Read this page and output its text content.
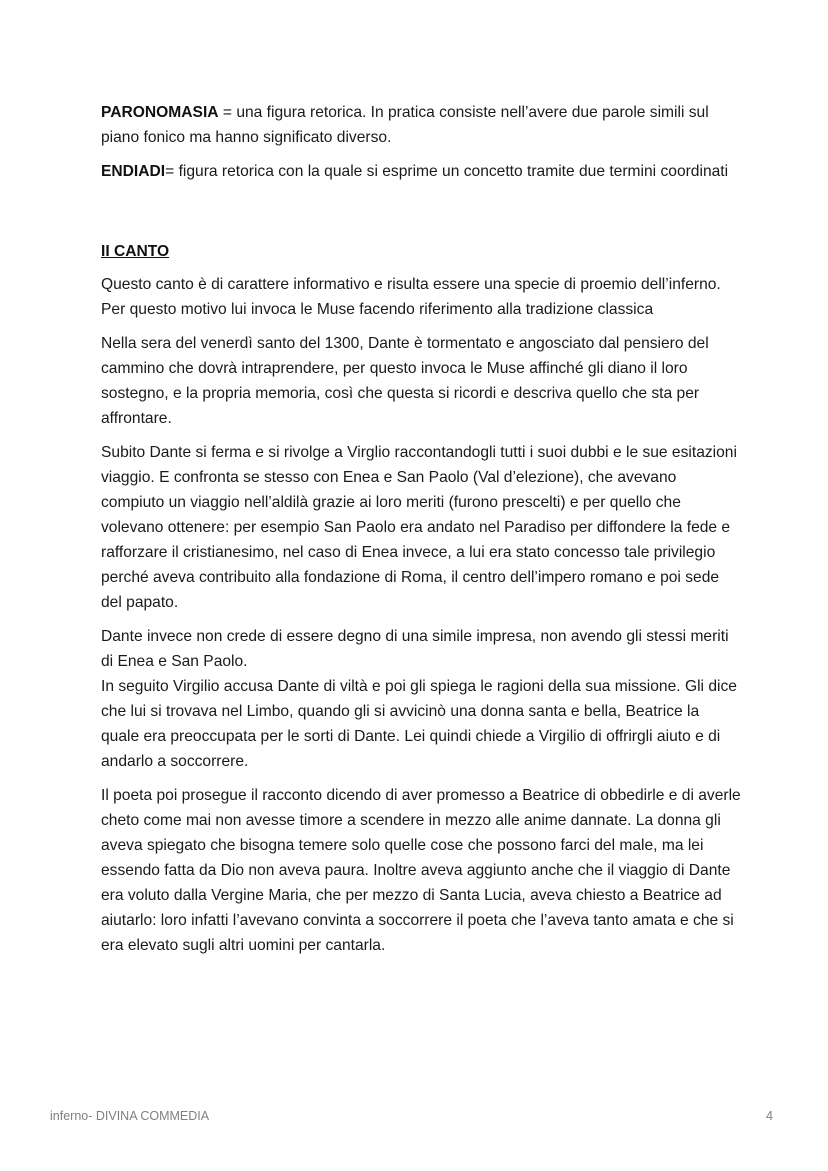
PARONOMASIA = una figura retorica. In pratica consiste nell’avere due parole simili sul piano fonico ma hanno significato diverso.

ENDIADI= figura retorica con la quale si esprime un concetto tramite due termini coordinati

II CANTO

Questo canto è di carattere informativo e risulta essere una specie di proemio dell’inferno. Per questo motivo lui invoca le Muse facendo riferimento alla tradizione classica

Nella sera del venerdì santo del 1300, Dante è tormentato e angosciato dal pensiero del cammino che dovrà intraprendere, per questo invoca le Muse affinché gli diano il loro sostegno, e la propria memoria, così che questa si ricordi e descriva quello che sta per affrontare.

Subito Dante si ferma e si rivolge a Virglio raccontandogli tutti i suoi dubbi e le sue esitazioni viaggio. E confronta se stesso con Enea e San Paolo (Val d’elezione), che avevano compiuto un viaggio nell’aldilà grazie ai loro meriti (furono prescelti) e per quello che volevano ottenere: per esempio San Paolo era andato nel Paradiso per diffondere la fede e rafforzare il cristianesimo, nel caso di Enea invece, a lui era stato concesso tale privilegio perché aveva contribuito alla fondazione di Roma, il centro dell’impero romano e poi sede del papato.

Dante invece non crede di essere degno di una simile impresa, non avendo gli stessi meriti di Enea e San Paolo.

In seguito Virgilio accusa Dante di viltà e poi gli spiega le ragioni della sua missione. Gli dice che lui si trovava nel Limbo, quando gli si avvicinò una donna santa e bella, Beatrice la quale era preoccupata per le sorti di Dante. Lei quindi chiede a Virgilio di offrirgli aiuto e di andarlo a soccorrere.

Il poeta poi prosegue il racconto dicendo di aver promesso a Beatrice di obbedirle e di averle cheto come mai non avesse timore a scendere in mezzo alle anime dannate. La donna gli aveva spiegato che bisogna temere solo quelle cose che possono farci del male, ma lei essendo fatta da Dio non aveva paura. Inoltre aveva aggiunto anche che il viaggio di Dante era voluto dalla Vergine Maria, che per mezzo di Santa Lucia, aveva chiesto a Beatrice ad aiutarlo: loro infatti l’avevano convinta a soccorrere il poeta che l’aveva tanto amata e che si era elevato sugli altri uomini per cantarla.

inferno- DIVINA COMMEDIA	4
